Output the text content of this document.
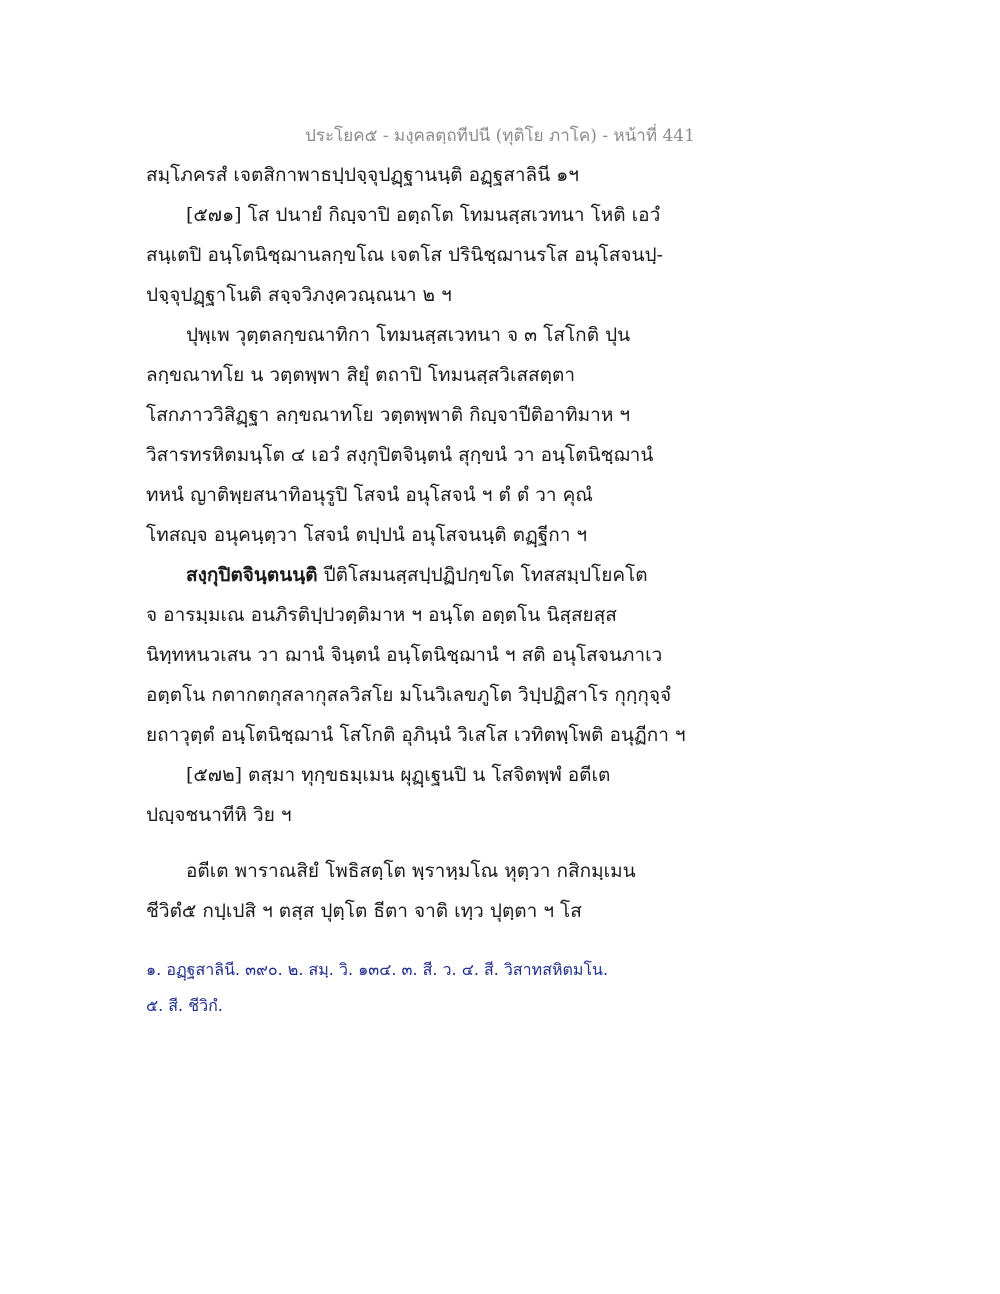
ประโยค๕ - มงฺคลตฺถทีปนี (ทุติโย ภาโค) - หน้าที่ 441
สมฺโภครสํ เจตสิกาพาธปฺปจฺจุปฏฺฐานนฺติ อฏฺฐสาลินี ๑ฯ
[๕๗๑] โส ปนายํ กิญฺจาปิ อตฺถโต โทมนสฺสเวทนา โหติ เอวํ
สนฺเตปิ อนฺโตนิชฺฌานลกฺขโณ เจตโส ปรินิชฺฌานรโส อนุโสจนปฺ-
ปจฺจุปฏฺฐาโนติ สจฺจวิภงฺควณฺณนา ๒ ฯ
ปุพฺเพ วุตฺตลกฺขณาทิกา โทมนสฺสเวทนา จ ๓ โสโกติ ปุน
ลกฺขณาทโย น วตฺตพฺพา สิยุํ ตถาปิ โทมนสฺสวิเสสตฺตา
โสกภาววิสิฏฺฐา ลกฺขณาทโย วตฺตพฺพาติ กิญฺจาปีติอาทิมาห ฯ
วิสารทรหิตมนฺโต ๔ เอวํ สงฺกุปิตจินฺตนํ สุกฺขนํ วา อนฺโตนิชฺฌานํ
ทหนํ ญาติพฺยสนาทิอนุรูปิ โสจนํ อนุโสจนํ ฯ ตํ ตํ วา คุณํ
โทสญฺจ อนุคนฺตฺวา โสจนํ ตปฺปนํ อนุโสจนนฺติ ตฏฺฐีกา ฯ
สงฺกุปิตจินฺตนนฺติ ปีติโสมนสฺสปฺปฏิปกฺขโต โทสสมฺปโยคโต
จ อารมฺมเณ อนภิรติปฺปวตฺติมาห ฯ อนฺโต อตฺตโน นิสฺสยสฺส
นิทฺทหนวเสน วา ฌานํ จินฺตนํ อนฺโตนิชฺฌานํ ฯ สติ อนุโสจนภาเว
อตฺตโน กตากตกุสลากุสลวิสโย มโนวิเลขภูโต วิปฺปฏิสาโร กุกฺกุจฺจํ
ยถาวุตฺตํ อนฺโตนิชฺฌานํ โสโกติ อุภินฺนํ วิเสโส เวทิตพฺโพติ อนุฏีกา ฯ
[๕๗๒] ตสฺมา ทุกฺขธมฺเมน ผุฏฺเฐนปิ น โสจิตพฺพํ อตีเต
ปญฺจชนาทีหิ วิย ฯ
อตีเต พาราณสิยํ โพธิสตฺโต พฺราหฺมโณ หุตฺวา กสิกมฺเมน
ชีวิตํ๕ กปฺเปสิ ฯ ตสฺส ปุตฺโต ธีตา จาติ เทฺว ปุตฺตา ฯ โส
๑. อฏฺฐสาลินี. ๓๙๐. ๒. สมฺ. วิ. ๑๓๔. ๓. สี. ว. ๔. สี. วิสาทสหิตมโน.
๕. สี. ชีวิกํ.
